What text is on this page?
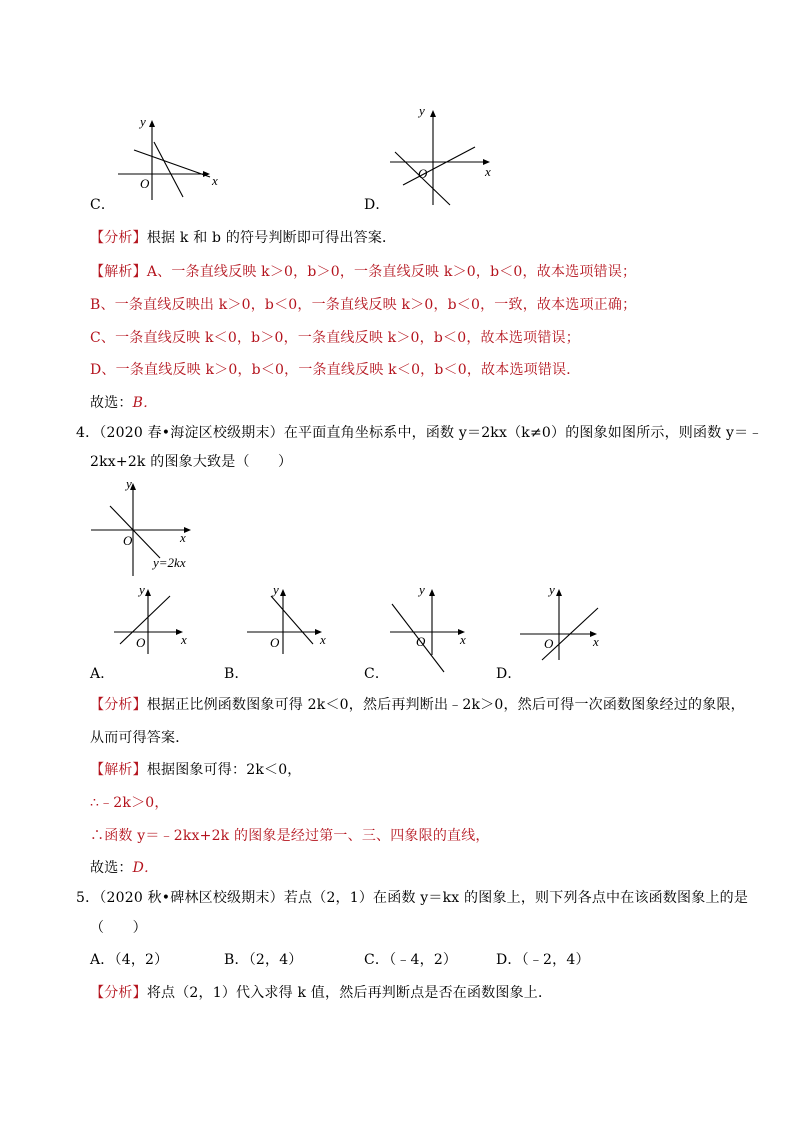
y
x
O
C．
y
x
O
D．
【分析】根据 k 和 b 的符号判断即可得出答案．
【解析】A、一条直线反映 k＞0，b＞0，一条直线反映 k＞0，b＜0，故本选项错误；
B、一条直线反映出 k＞0，b＜0，一条直线反映 k＞0，b＜0，一致，故本选项正确；
C、一条直线反映 k＜0，b＞0，一条直线反映 k＞0，b＜0，故本选项错误；
D、一条直线反映 k＞0，b＜0，一条直线反映 k＜0，b＜0，故本选项错误．
故选：B．
4．（2020 春•海淀区校级期末）在平面直角坐标系中，函数 y＝2kx（k≠0）的图象如图所示，则函数 y＝﹣
2kx+2k 的图象大致是（　　）
y
x
O
y=2kx
y
x
O
A．
y
x
O
B．
y
x
O
C．
y
x
O
D．
【分析】根据正比例函数图象可得 2k＜0，然后再判断出﹣2k＞0，然后可得一次函数图象经过的象限，
从而可得答案．
【解析】根据图象可得：2k＜0，
∴﹣2k＞0，
∴函数 y＝﹣2kx+2k 的图象是经过第一、三、四象限的直线，
故选：D．
5．（2020 秋•碑林区校级期末）若点（2，1）在函数 y＝kx 的图象上，则下列各点中在该函数图象上的是
（　　）
A．（4，2）	B．（2，4）	C．（﹣4，2）	D．（﹣2，4）
【分析】将点（2，1）代入求得 k 值，然后再判断点是否在函数图象上．
